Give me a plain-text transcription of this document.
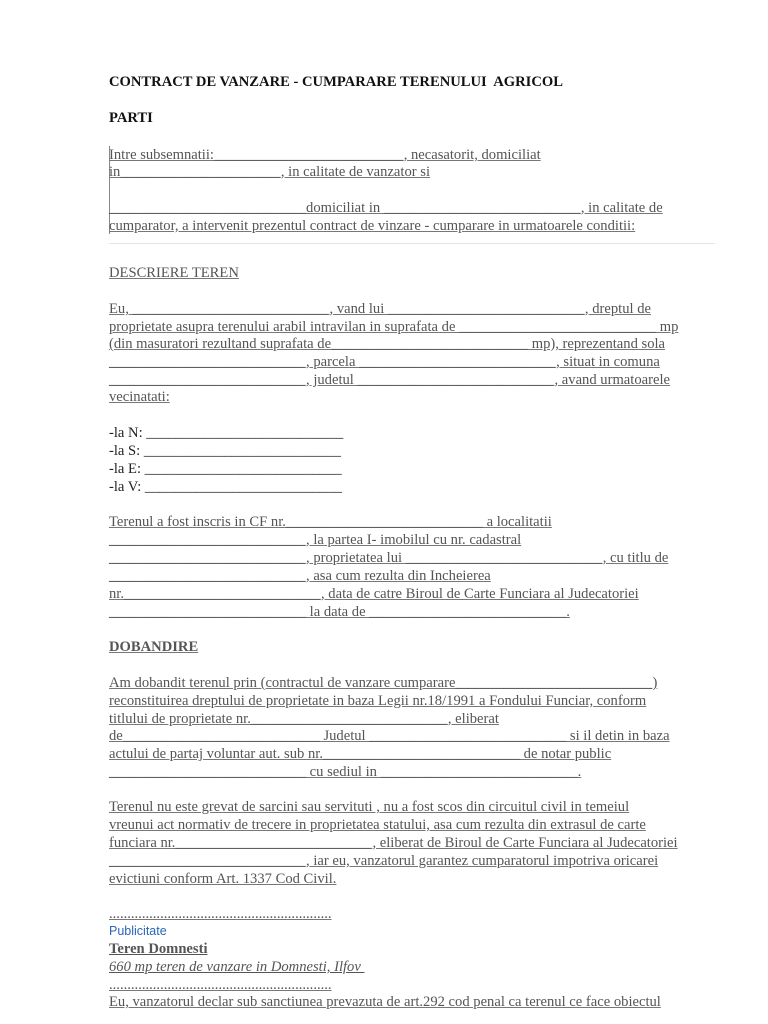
CONTRACT DE VANZARE - CUMPARARE TERENULUI  AGRICOL
PARTI
Intre subsemnatii:__________________________, necasatorit, domiciliat
in______________________, in calitate de vanzator si
___________________________domiciliat in ___________________________, in calitate de
cumparator, a intervenit prezentul contract de vinzare - cumparare in urmatoarele conditii:
DESCRIERE TEREN
Eu, ___________________________, vand lui ___________________________, dreptul de
proprietate asupra terenului arabil intravilan in suprafata de ___________________________ mp
(din masuratori rezultand suprafata de___________________________ mp), reprezentand sola
___________________________, parcela ___________________________, situat in comuna
___________________________, judetul ___________________________, avand urmatoarele
vecinatati:
-la N: ___________________________
-la S: ___________________________
-la E: ___________________________
-la V: ___________________________
Terenul a fost inscris in CF nr.___________________________ a localitatii
___________________________, la partea I- imobilul cu nr. cadastral
___________________________, proprietatea lui ___________________________, cu titlu de
___________________________, asa cum rezulta din Incheierea
nr.___________________________, data de catre Biroul de Carte Funciara al Judecatoriei
___________________________ la data de ___________________________.
DOBANDIRE
Am dobandit terenul prin (contractul de vanzare cumparare___________________________)
reconstituirea dreptului de proprietate in baza Legii nr.18/1991 a Fondului Funciar, conform
titlului de proprietate nr.___________________________, eliberat
de___________________________ Judetul ___________________________ si il detin in baza
actului de partaj voluntar aut. sub nr.___________________________ de notar public
___________________________ cu sediul in ___________________________.
Terenul nu este grevat de sarcini sau servituti , nu a fost scos din circuitul civil in temeiul
vreunui act normativ de trecere in proprietatea statului, asa cum rezulta din extrasul de carte
funciara nr.___________________________, eliberat de Biroul de Carte Funciara al Judecatoriei
___________________________, iar eu, vanzatorul garantez cumparatorul impotriva oricarei
evictiuni conform Art. 1337 Cod Civil.
.............................................................
Publicitate
Teren Domnesti
660 mp teren de vanzare in Domnesti, Ilfov
.............................................................
Eu, vanzatorul declar sub sanctiunea prevazuta de art.292 cod penal ca terenul ce face obiectul
